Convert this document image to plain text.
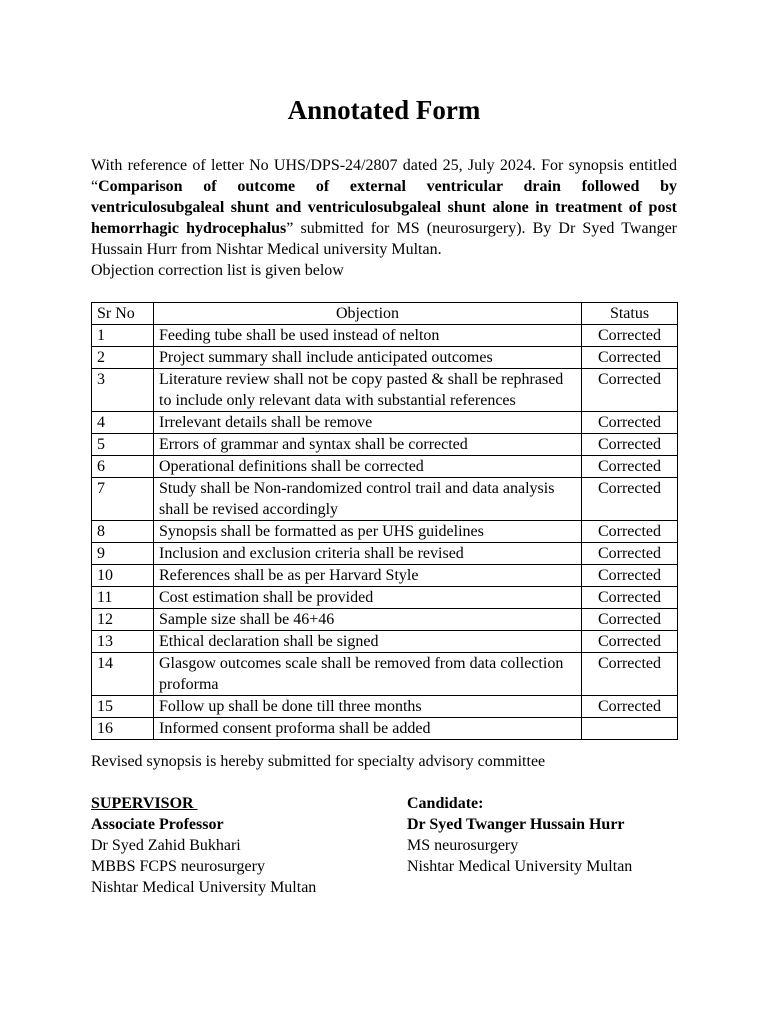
Annotated Form

With reference of letter No UHS/DPS-24/2807 dated 25, July 2024. For synopsis entitled “Comparison of outcome of external ventricular drain followed by ventriculosubgaleal shunt and ventriculosubgaleal shunt alone in treatment of post hemorrhagic hydrocephalus” submitted for MS (neurosurgery). By Dr Syed Twanger Hussain Hurr from Nishtar Medical university Multan.

Objection correction list is given below

Sr No	Objection	Status
1	Feeding tube shall be used instead of nelton	Corrected
2	Project summary shall include anticipated outcomes	Corrected
3	Literature review shall not be copy pasted & shall be rephrased to include only relevant data with substantial references	Corrected
4	Irrelevant details shall be remove	Corrected
5	Errors of grammar and syntax shall be corrected	Corrected
6	Operational definitions shall be corrected	Corrected
7	Study shall be Non-randomized control trail and data analysis shall be revised accordingly	Corrected
8	Synopsis shall be formatted as per UHS guidelines	Corrected
9	Inclusion and exclusion criteria shall be revised	Corrected
10	References shall be as per Harvard Style	Corrected
11	Cost estimation shall be provided	Corrected
12	Sample size shall be 46+46	Corrected
13	Ethical declaration shall be signed	Corrected
14	Glasgow outcomes scale shall be removed from data collection proforma	Corrected
15	Follow up shall be done till three months	Corrected
16	Informed consent proforma shall be added	
Revised synopsis is hereby submitted for specialty advisory committee
SUPERVISOR
Associate Professor
Dr Syed Zahid Bukhari
MBBS FCPS neurosurgery
Nishtar Medical University Multan
Candidate:
Dr Syed Twanger Hussain Hurr
MS neurosurgery
Nishtar Medical University Multan
